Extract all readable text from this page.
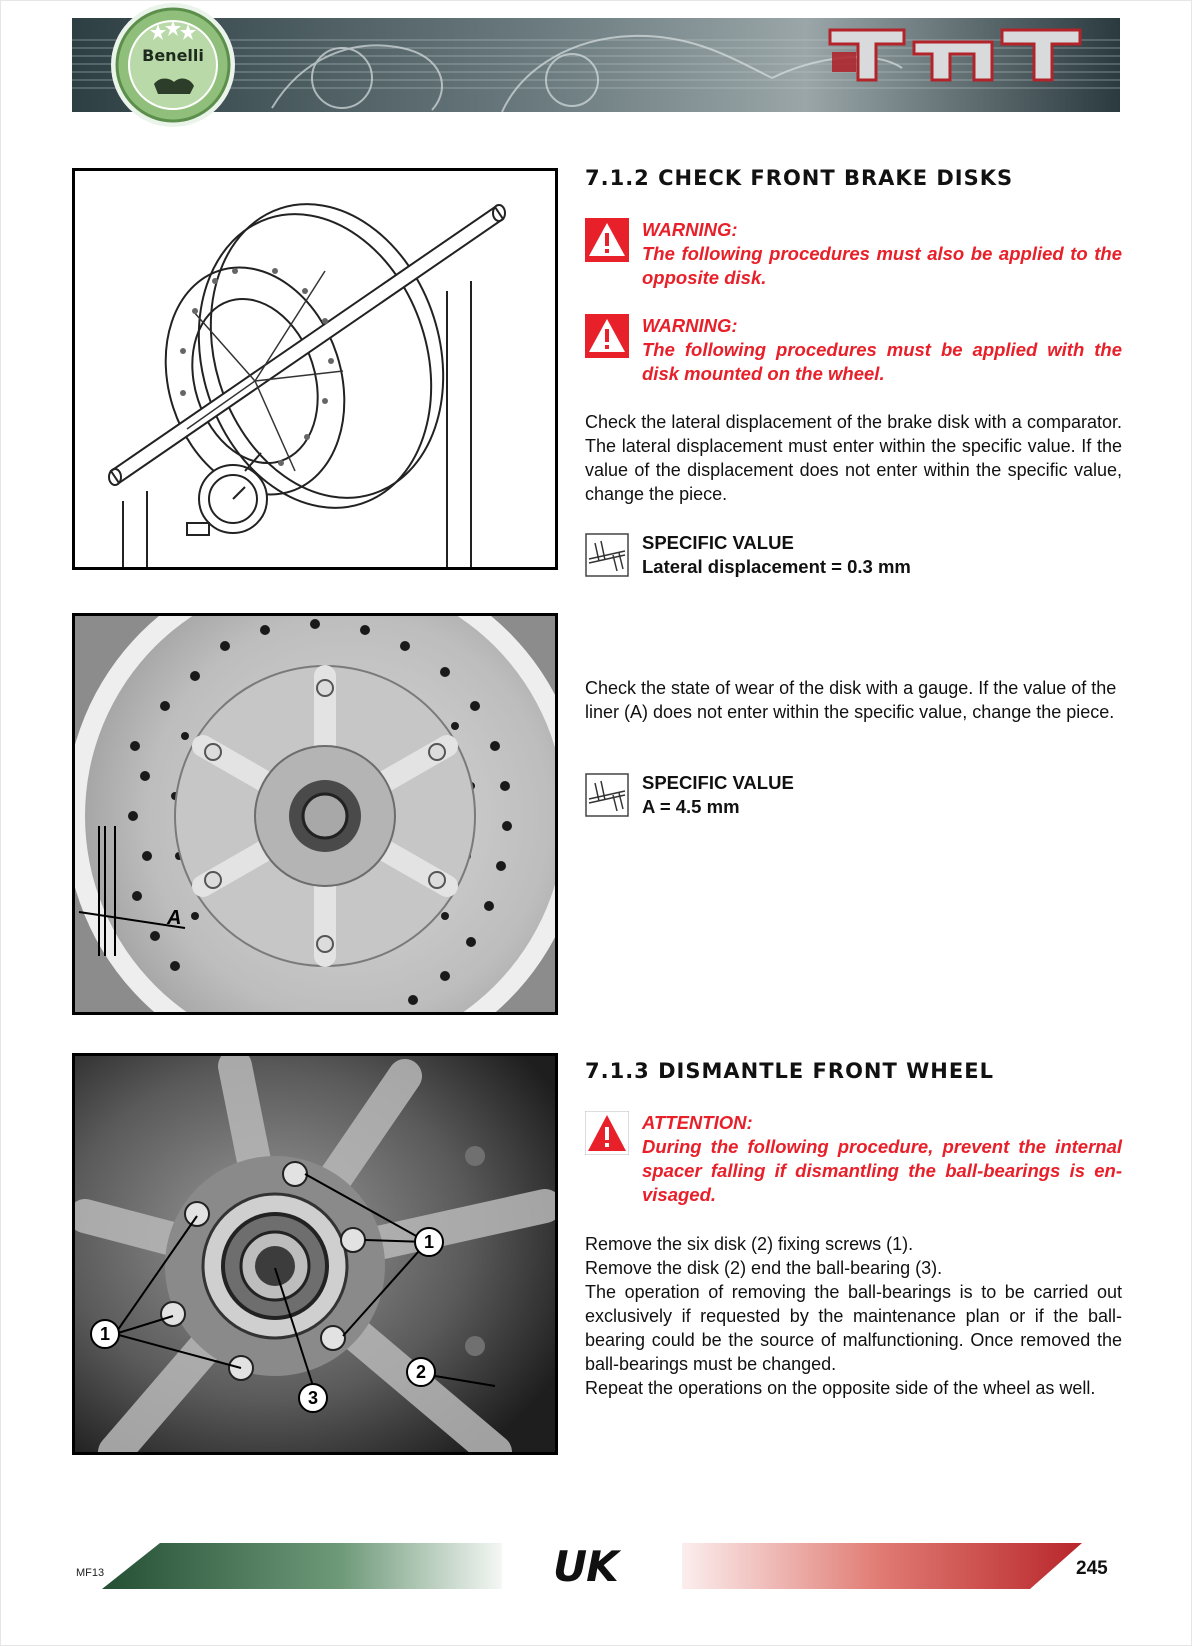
Benelli
A
1
1
2
3
7.1.2 CHECK FRONT BRAKE DISKS
WARNING:
The following procedures must also be applied to the opposite disk.
WARNING:
The following procedures must be applied with the disk mounted on the wheel.

Check the lateral displacement of the brake disk with a comparator. The lateral displacement must enter within the specific value. If the value of the displacement does not enter within the specific value, change the piece.

SPECIFIC VALUE
Lateral displacement = 0.3 mm

Check the state of wear of the disk with a gauge. If the value of the liner (A) does not enter within the specific value, change the piece.

SPECIFIC VALUE
A = 4.5 mm
7.1.3 DISMANTLE FRONT WHEEL
ATTENTION:
During the following procedure, prevent the internal spacer falling if dismantling the ball-bearings is en-visaged.
Remove the six disk (2) fixing screws (1).
Remove the disk (2) end the ball-bearing (3).
The operation of removing the ball-bearings is to be carried out exclusively if requested by the maintenance plan or if the ball-bearing could be the source of malfunctioning. Once removed the ball-bearings must be changed.
Repeat the operations on the opposite side of the wheel as well.
MF13	UK	245
